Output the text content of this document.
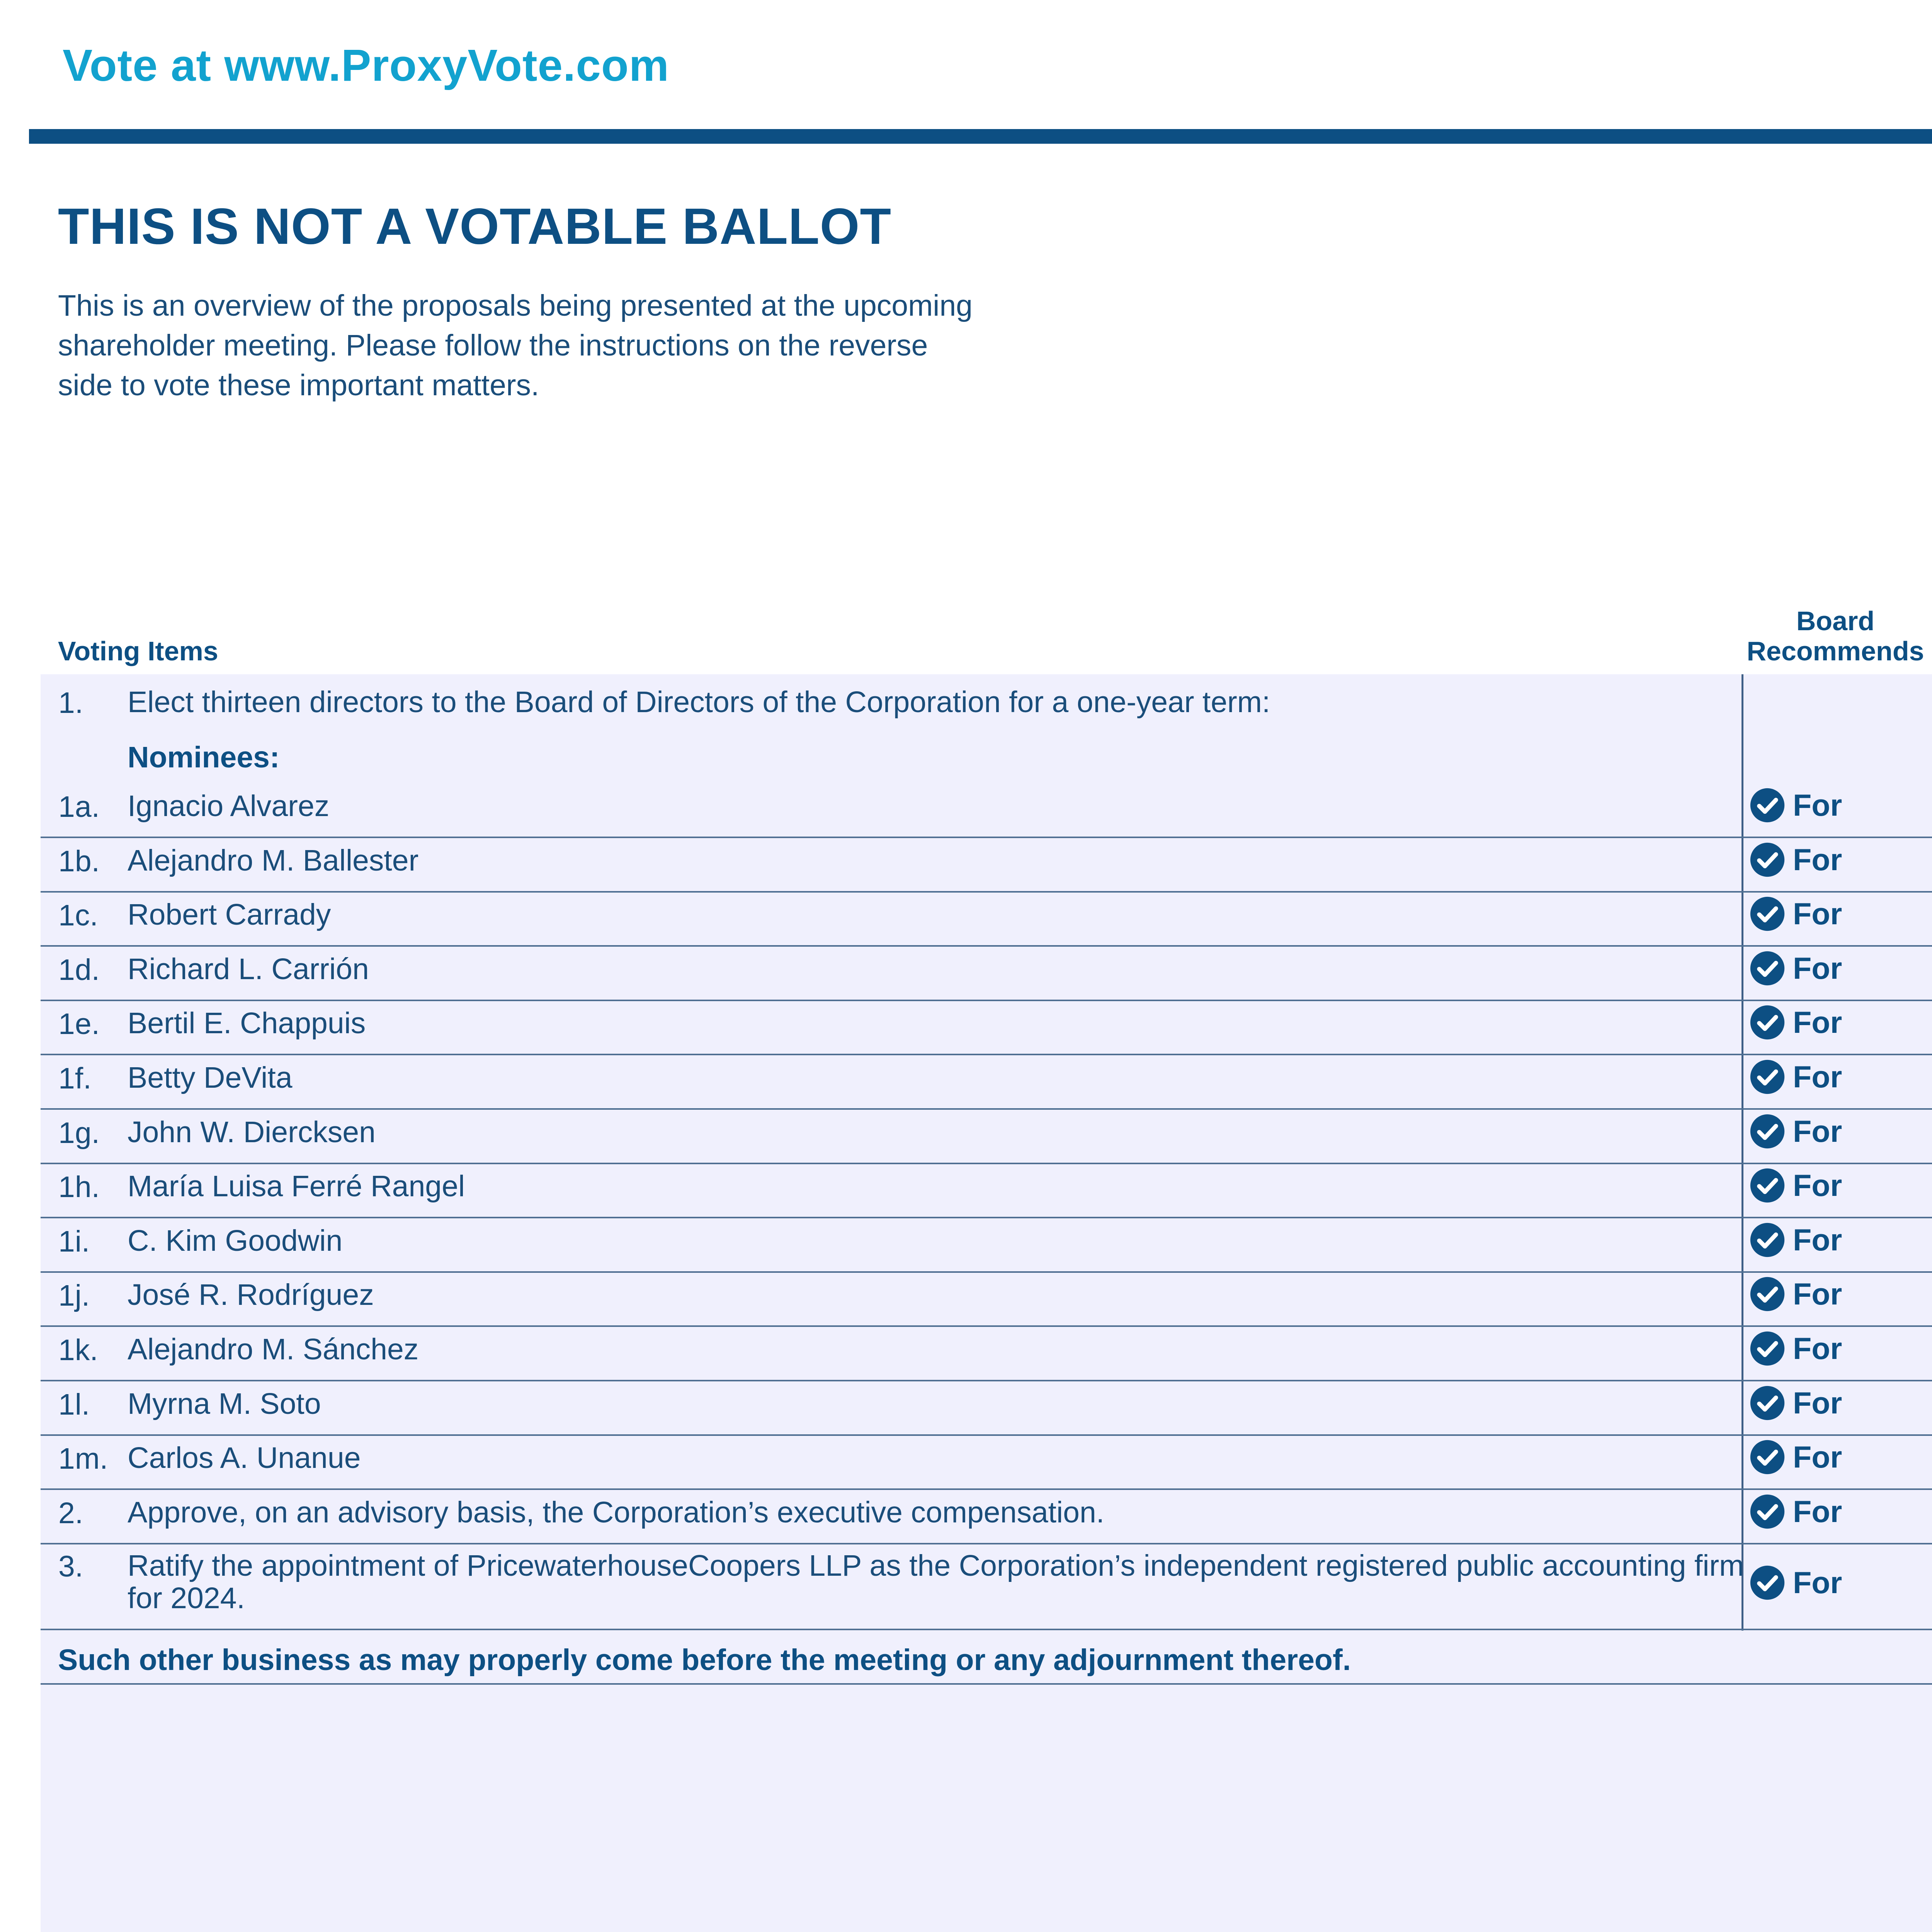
Vote at www.ProxyVote.com
THIS IS NOT A VOTABLE BALLOT
This is an overview of the proposals being presented at the upcoming shareholder meeting. Please follow the instructions on the reverse side to vote these important matters.
Voting Items
Board
Recommends
1. Elect thirteen directors to the Board of Directors of the Corporation for a one-year term:
Nominees:
1a. Ignacio Alvarez	For
1b. Alejandro M. Ballester	For
1c. Robert Carrady	For
1d. Richard L. Carrión	For
1e. Bertil E. Chappuis	For
1f. Betty DeVita	For
1g. John W. Diercksen	For
1h. María Luisa Ferré Rangel	For
1i. C. Kim Goodwin	For
1j. José R. Rodríguez	For
1k. Alejandro M. Sánchez	For
1l. Myrna M. Soto	For
1m. Carlos A. Unanue	For
2. Approve, on an advisory basis, the Corporation’s executive compensation.	For
3. Ratify the appointment of PricewaterhouseCoopers LLP as the Corporation’s independent registered public accounting firm for 2024.	For
Such other business as may properly come before the meeting or any adjournment thereof.
